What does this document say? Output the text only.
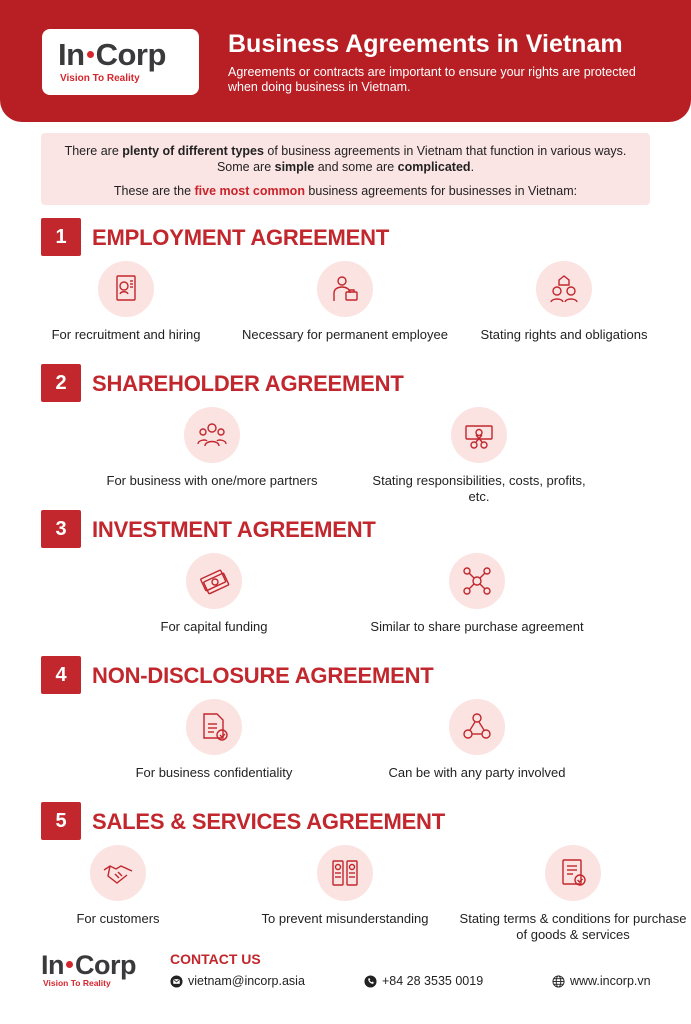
In Corp
Vision To Reality
Business Agreements in Vietnam
Agreements or contracts are important to ensure your rights are protected when doing business in Vietnam.

There are plenty of different types of business agreements in Vietnam that function in various ways.

Some are simple and some are complicated.

These are the five most common business agreements for businesses in Vietnam:

1	EMPLOYMENT AGREEMENT
For recruitment and hiring	Necessary for permanent employee	Stating rights and obligations
2	SHAREHOLDER AGREEMENT
For business with one/more partners	Stating responsibilities, costs, profits, etc.
3	INVESTMENT AGREEMENT
For capital funding	Similar to share purchase agreement
4	NON-DISCLOSURE AGREEMENT
For business confidentiality	Can be with any party involved
5	SALES & SERVICES AGREEMENT
For customers	To prevent misunderstanding	Stating terms & conditions for purchase of goods & services
In Corp
Vision To Reality
CONTACT US
vietnam@incorp.asia	+84 28 3535 0019	www.incorp.vn
